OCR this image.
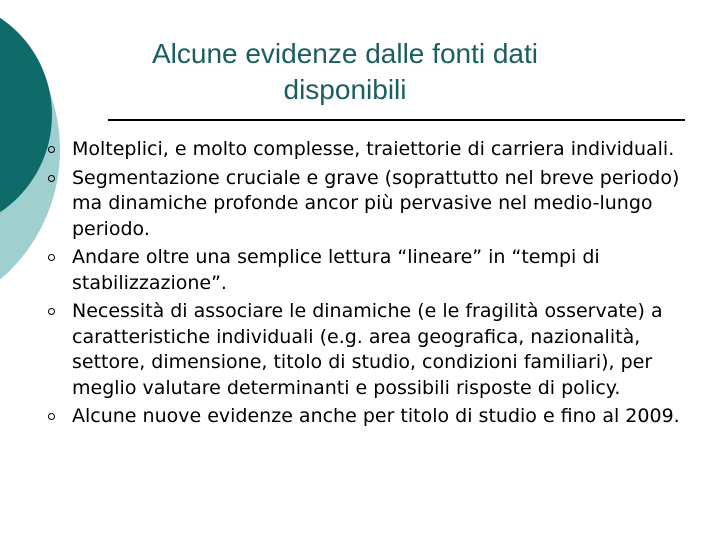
Alcune evidenze dalle fonti dati disponibili
Molteplici, e molto complesse, traiettorie di carriera individuali.
Segmentazione cruciale e grave (soprattutto nel breve periodo) ma dinamiche profonde ancor più pervasive nel medio-lungo periodo.
Andare oltre una semplice lettura “lineare” in “tempi di stabilizzazione”.
Necessità di associare le dinamiche (e le fragilità osservate) a caratteristiche individuali (e.g. area geografica, nazionalità, settore, dimensione, titolo di studio, condizioni familiari), per meglio valutare determinanti e possibili risposte di policy.
Alcune nuove evidenze anche per titolo di studio e fino al 2009.
